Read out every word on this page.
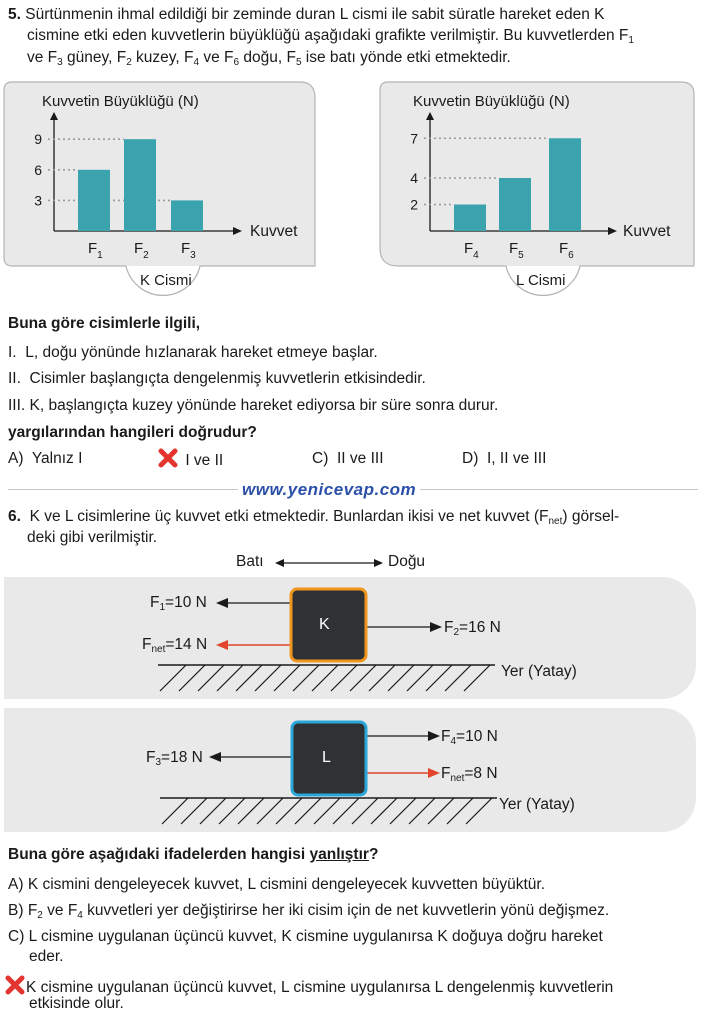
5. Sürtünmenin ihmal edildiği bir zeminde duran L cismi ile sabit süratle hareket eden K
cismine etki eden kuvvetlerin büyüklüğü aşağıdaki grafikte verilmiştir. Bu kuvvetlerden $F_1$
ve $F_3$ güney, $F_2$ kuzey, $F_4$ ve $F_6$ doğu, $F_5$ ise batı yönde etki etmektedir.
Kuvvetin Büyüklüğü (N)
Kuvvet
9
6
3
$F_1$ $F_2$ $F_3$
K Cismi
Kuvvetin Büyüklüğü (N)
Kuvvet
7
4
2
$F_4$ $F_5$ $F_6$
L Cismi
Buna göre cisimlerle ilgili,
I. L, doğu yönünde hızlanarak hareket etmeye başlar.
II. Cisimler başlangıçta dengelenmiş kuvvetlerin etkisindedir.
III. K, başlangıçta kuzey yönünde hareket ediyorsa bir süre sonra durur.
yargılarından hangileri doğrudur?
A) Yalnız I	I ve II	C) II ve III	D) I, II ve III
www.yenicevap.com
6. K ve L cisimlerine üç kuvvet etki etmektedir. Bunlardan ikisi ve net kuvvet $(F_{net})$ görsel-
deki gibi verilmiştir.
Batı	Doğu
K
$F_1=10$ N
$F_{net}=14$ N
$F_2=16$ N
Yer (Yatay)
L
$F_3=18$ N
$F_4=10$ N
$F_{net}=8$ N
Yer (Yatay)
Buna göre aşağıdaki ifadelerden hangisi yanlıştır?
A) K cismini dengeleyecek kuvvet, L cismini dengeleyecek kuvvetten büyüktür.
B) $F_2$ ve $F_4$ kuvvetleri yer değiştirirse her iki cisim için de net kuvvetlerin yönü değişmez.
C) L cismine uygulanan üçüncü kuvvet, K cismine uygulanırsa K doğuya doğru hareket
eder.
K cismine uygulanan üçüncü kuvvet, L cismine uygulanırsa L dengelenmiş kuvvetlerin
etkisinde olur.
